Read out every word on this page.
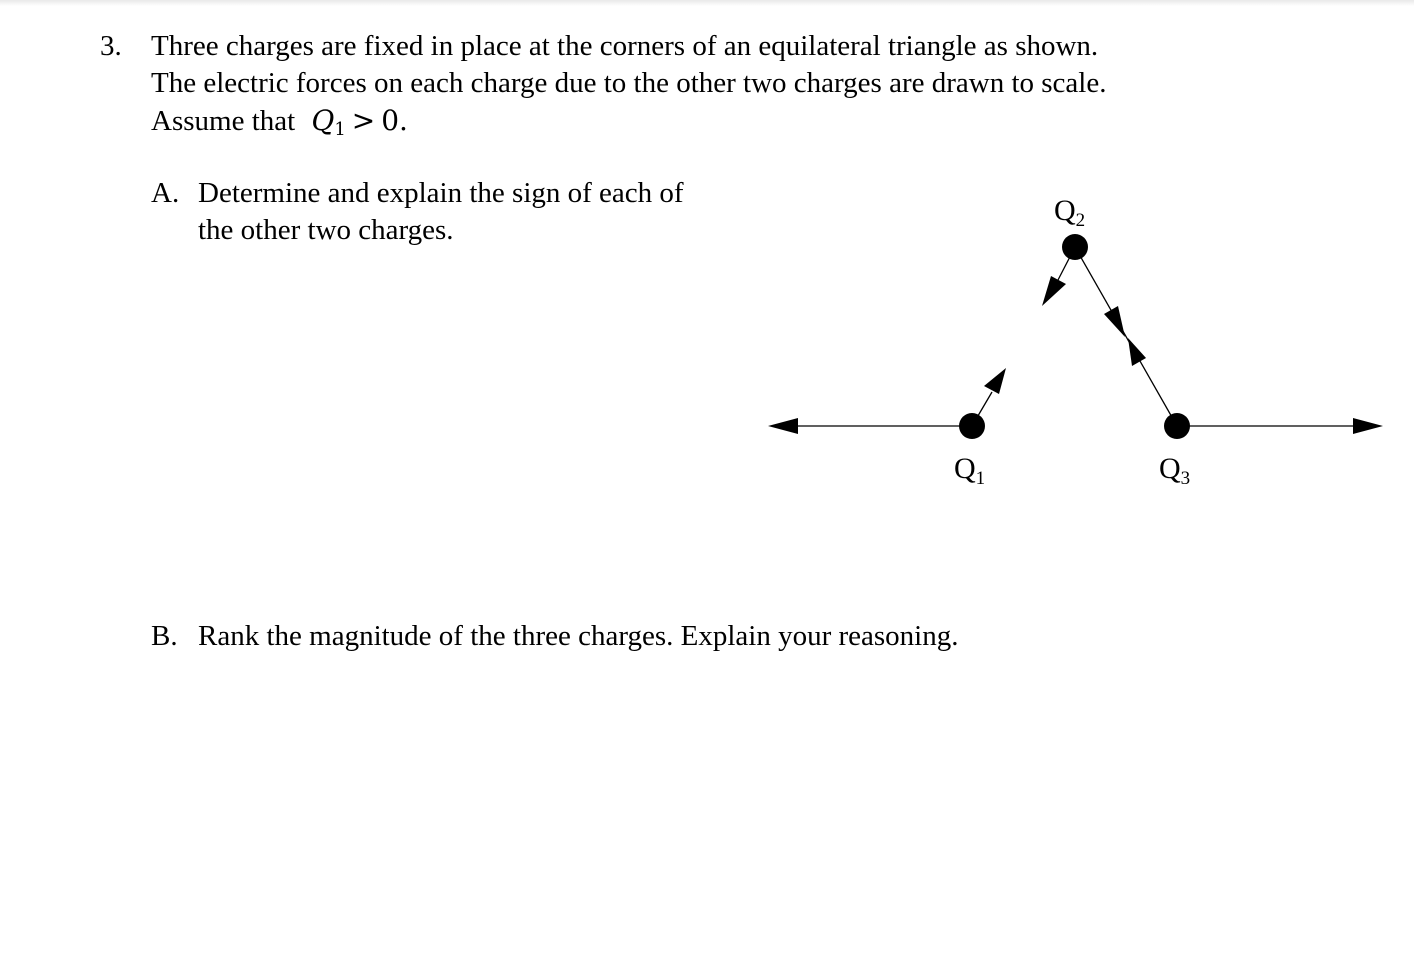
3. Three charges are fixed in place at the corners of an equilateral triangle as shown.
The electric forces on each charge due to the other two charges are drawn to scale.
Assume that $Q_1 > 0$.
A. Determine and explain the sign of each of
the other two charges.
B. Rank the magnitude of the three charges. Explain your reasoning.
$Q_1$
$Q_2$
$Q_3$
